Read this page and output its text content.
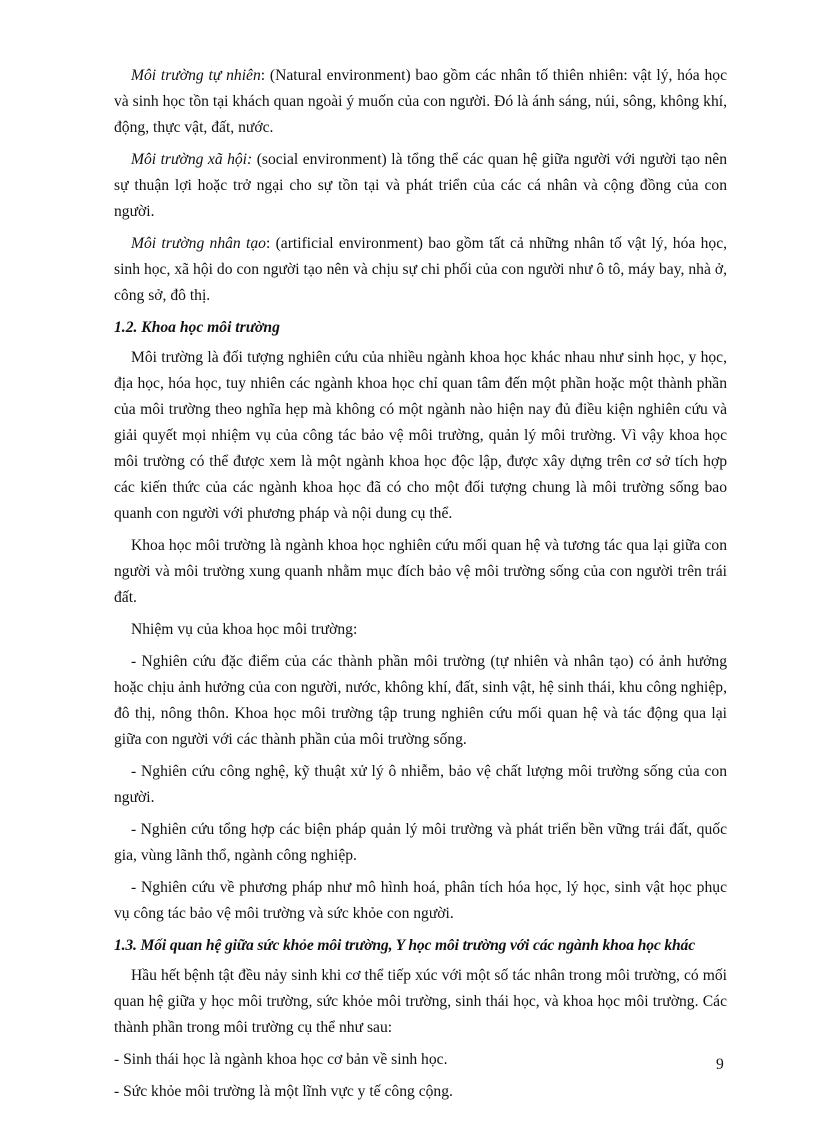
Môi trường tự nhiên: (Natural environment) bao gồm các nhân tố thiên nhiên: vật lý, hóa học và sinh học tồn tại khách quan ngoài ý muốn của con người. Đó là ánh sáng, núi, sông, không khí, động, thực vật, đất, nước.

Môi trường xã hội: (social environment) là tổng thể các quan hệ giữa người với người tạo nên sự thuận lợi hoặc trở ngại cho sự tồn tại và phát triển của các cá nhân và cộng đồng của con người.

Môi trường nhân tạo: (artificial environment) bao gồm tất cả những nhân tố vật lý, hóa học, sinh học, xã hội do con người tạo nên và chịu sự chi phối của con người như ô tô, máy bay, nhà ở, công sở, đô thị.

1.2. Khoa học môi trường

Môi trường là đối tượng nghiên cứu của nhiều ngành khoa học khác nhau như sinh học, y học, địa học, hóa học, tuy nhiên các ngành khoa học chỉ quan tâm đến một phần hoặc một thành phần của môi trường theo nghĩa hẹp mà không có một ngành nào hiện nay đủ điều kiện nghiên cứu và giải quyết mọi nhiệm vụ của công tác bảo vệ môi trường, quản lý môi trường. Vì vậy khoa học môi trường có thể được xem là một ngành khoa học độc lập, được xây dựng trên cơ sở tích hợp các kiến thức của các ngành khoa học đã có cho một đối tượng chung là môi trường sống bao quanh con người với phương pháp và nội dung cụ thể.

Khoa học môi trường là ngành khoa học nghiên cứu mối quan hệ và tương tác qua lại giữa con người và môi trường xung quanh nhằm mục đích bảo vệ môi trường sống của con người trên trái đất.

Nhiệm vụ của khoa học môi trường:

- Nghiên cứu đặc điểm của các thành phần môi trường (tự nhiên và nhân tạo) có ảnh hưởng hoặc chịu ảnh hưởng của con người, nước, không khí, đất, sinh vật, hệ sinh thái, khu công nghiệp, đô thị, nông thôn. Khoa học môi trường tập trung nghiên cứu mối quan hệ và tác động qua lại giữa con người với các thành phần của môi trường sống.

- Nghiên cứu công nghệ, kỹ thuật xử lý ô nhiễm, bảo vệ chất lượng môi trường sống của con người.

- Nghiên cứu tổng hợp các biện pháp quản lý môi trường và phát triển bền vững trái đất, quốc gia, vùng lãnh thổ, ngành công nghiệp.

- Nghiên cứu về phương pháp như mô hình hoá, phân tích hóa học, lý học, sinh vật học phục vụ công tác bảo vệ môi trường và sức khỏe con người.

1.3. Mối quan hệ giữa sức khỏe môi trường, Y học môi trường với các ngành khoa học khác

Hầu hết bệnh tật đều nảy sinh khi cơ thể tiếp xúc với một số tác nhân trong môi trường, có mối quan hệ giữa y học môi trường, sức khỏe môi trường, sinh thái học, và khoa học môi trường. Các thành phần trong môi trường cụ thể như sau:

- Sinh thái học là ngành khoa học cơ bản về sinh học.

- Sức khỏe môi trường là một lĩnh vực y tế công cộng.

9
